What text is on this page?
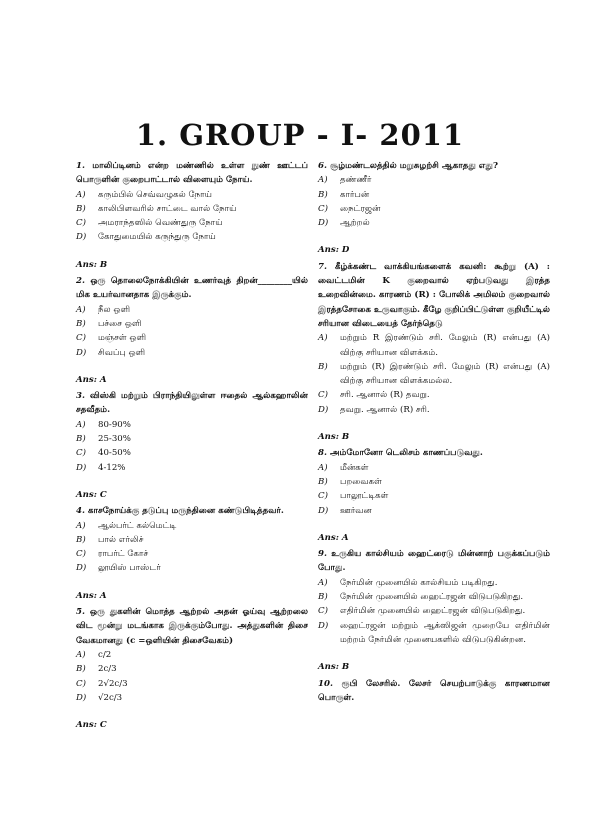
1. GROUP - I- 2011
1. மாலிப்டினம் என்ற மண்ணில் உள்ள நுண் ஊட்டப் பொருளின் குறைபாட்டால் விளையும் நோய்.
A)	கரும்பில் செவ்வழுகல் நோய்
B)	காலிபிளவரில் சாட்டை வால் நோய்
C)	அமராந்தஸில் வெண்துரு நோய்
D)	கோதுமையில் கருந்துரு நோய்
Ans: B
2. ஒரு தொலைநோக்கியின் உணர்வுத் திறன்________யில் மிக உயர்வானதாக இருக்கும்.
A)	நீல ஒளி
B)	பச்சை ஒளி
C)	மஞ்சள் ஒளி
D)	சிவப்பு ஒளி
Ans: A
3. விஸ்கி மற்றும் பிராந்தியிலுள்ள ஈதைல் ஆல்கஹாலின் சதவீதம்.
A)	80-90%
B)	25-30%
C)	40-50%
D)	4-12%
Ans: C
4. காசநோய்க்கு தடுப்பு மருந்தினை கண்டுபிடித்தவர்.
A)	ஆல்பர்ட் கல்மெட்டி
B)	பால் எர்லிச்
C)	ராபர்ட் கோச்
D)	லூயிஸ் பாஸ்டர்
Ans: A
5. ஒரு துகளின் மொத்த ஆற்றல் அதன் ஓய்வு ஆற்றலை விட மூன்று மடங்காக இருக்கும்போது. அத்துகளின் திசை வேகமானது (c =ஒளியின் திசைவேகம்)
A)	c/2
B)	2c/3
C)	2√2c/3
D)	√2c/3
Ans: C
6. சூழ்மண்டலத்தில் மறுசுழற்சி ஆகாதது எது?
A)	தண்ணீர்
B)	கார்பன்
C)	நைட்ரஜன்
D)	ஆற்றல்
Ans: D
7. கீழ்க்கண்ட வாக்கியங்களைக் கவனி: கூற்று (A) : வைட்டமின் K குறைவால் ஏற்படுவது இரத்த உறைவின்மை. காரணம் (R) : போலிக் அமிலம் குறைவால் இரத்தசோகை உருவாகும். கீழே குறிப்பிட்டுள்ள குறியீட்டில் சரியான விடையைத் தேர்ந்தெடு
A)	மற்றும் R இரண்டும் சரி. மேலும் (R) என்பது (A) விற்கு சரியான விளக்கம்.
B)	மற்றும் (R) இரண்டும் சரி. மேலும் (R) என்பது (A) விற்கு சரியான விளக்கமல்ல.
C)	சரி. ஆனால் (R) தவறு.
D)	தவறு. ஆனால் (R) சரி.
Ans: B
8. அம்மோனோ டெலிசம் காணப்படுவது.
A)	மீன்கள்
B)	பறவைகள்
C)	பாலூட்டிகள்
D)	ஊர்வன
Ans: A
9. உருகிய கால்சியம் ஹைட்ரைடு மின்னாற் பகுக்கப்படும் போது.
A)	நேர்மின் முனையில் கால்சியம் படிகிறது.
B)	நேர்மின் முனையில் ஹைட்ரஜன் விடுபடுகிறது.
C)	எதிர்மின் முனையில் ஹைட்ரஜன் விடுபடுகிறது.
D)	ஹைட்ரஜன் மற்றும் ஆக்ஸிஜன் முறையே எதிர்மின் மற்றம் நேர்மின் முனையகளில் விடுபடுகின்றன.
Ans: B
10. ரூபி லேசரில். லேசர் செயற்பாடுக்கு காரணமான பொருள்.
